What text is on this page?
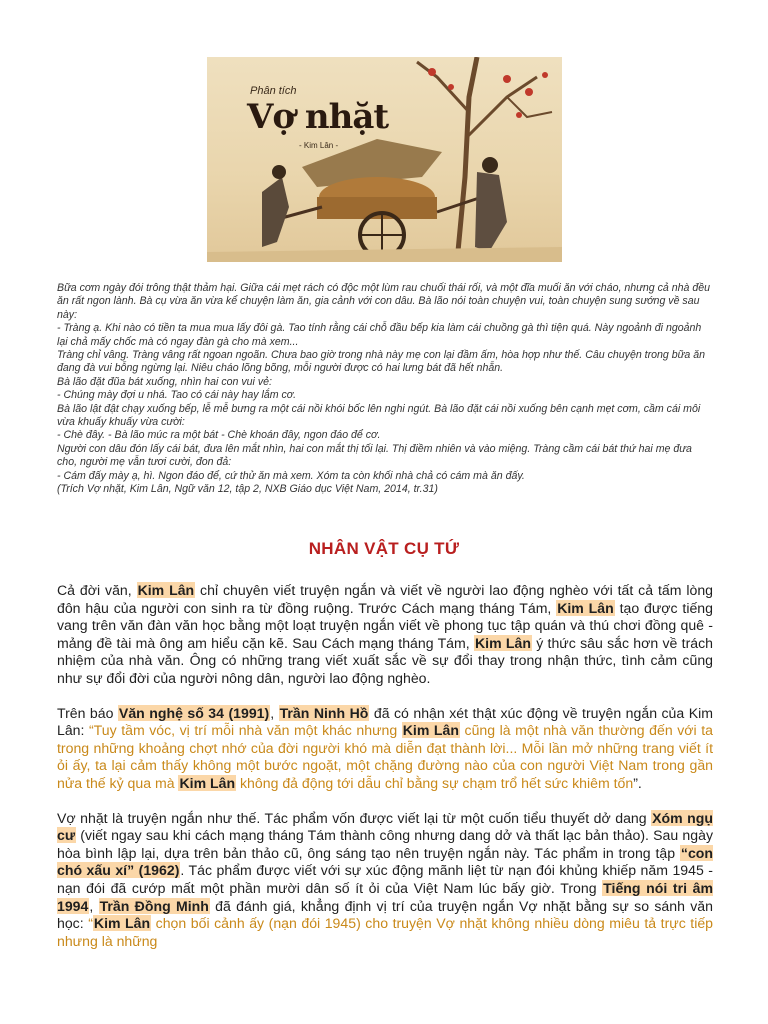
Phân tích
Vợ nhặt
- Kim Lân -

Bữa cơm ngày đói trông thật thảm hại. Giữa cái mẹt rách có độc một lùm rau chuối thái rối, và một đĩa muối ăn với cháo, nhưng cả nhà đều ăn rất ngon lành. Bà cụ vừa ăn vừa kể chuyện làm ăn, gia cảnh với con dâu. Bà lão nói toàn chuyện vui, toàn chuyện sung sướng về sau này:

- Tràng ạ. Khi nào có tiền ta mua mua lấy đôi gà. Tao tính rằng cái chỗ đầu bếp kia làm cái chuồng gà thì tiện quá. Này ngoảnh đi ngoảnh lại chả mấy chốc mà có ngay đàn gà cho mà xem...

Tràng chỉ vâng. Tràng vâng rất ngoan ngoãn. Chưa bao giờ trong nhà này mẹ con lại đầm ấm, hòa hợp như thế. Câu chuyện trong bữa ăn đang đà vui bỗng ngừng lại. Niêu cháo lõng bõng, mỗi người được có hai lưng bát đã hết nhẵn.

Bà lão đặt đũa bát xuống, nhìn hai con vui vẻ:

- Chúng mày đợi u nhá. Tao có cái này hay lắm cơ.

Bà lão lật đật chạy xuống bếp, lễ mễ bưng ra một cái nồi khói bốc lên nghi ngút. Bà lão đặt cái nồi xuống bên cạnh mẹt cơm, cầm cái môi vừa khuấy khuấy vừa cười:

- Chè đây. - Bà lão múc ra một bát - Chè khoán đây, ngon đáo để cơ.

Người con dâu đón lấy cái bát, đưa lên mắt nhìn, hai con mắt thị tối lại. Thị điềm nhiên và vào miệng. Tràng cầm cái bát thứ hai mẹ đưa cho, người mẹ vẫn tươi cười, đon đả:

- Cám đấy mày ạ, hì. Ngon đáo để, cứ thử ăn mà xem. Xóm ta còn khối nhà chả có cám mà ăn đấy.

(Trích Vợ nhặt, Kim Lân, Ngữ văn 12, tập 2, NXB Giáo dục Việt Nam, 2014, tr.31)

NHÂN VẬT CỤ TỨ

Cả đời văn, Kim Lân chỉ chuyên viết truyện ngắn và viết về người lao động nghèo với tất cả tấm lòng đôn hậu của người con sinh ra từ đồng ruộng. Trước Cách mạng tháng Tám, Kim Lân tạo được tiếng vang trên văn đàn văn học bằng một loạt truyện ngắn viết về phong tục tập quán và thú chơi đồng quê - mảng đề tài mà ông am hiểu cặn kẽ. Sau Cách mạng tháng Tám, Kim Lân ý thức sâu sắc hơn về trách nhiệm của nhà văn. Ông có những trang viết xuất sắc về sự đổi thay trong nhận thức, tình cảm cũng như sự đổi đời của người nông dân, người lao động nghèo.

Trên báo Văn nghệ số 34 (1991), Trần Ninh Hồ đã có nhận xét thật xúc động về truyện ngắn của Kim Lân: “Tuy tầm vóc, vị trí mỗi nhà văn một khác nhưng Kim Lân cũng là một nhà văn thường đến với ta trong những khoảng chợt nhớ của đời người khó mà diễn đạt thành lời... Mỗi lần mở những trang viết ít ỏi ấy, ta lại cảm thấy không một bước ngoặt, một chặng đường nào của con người Việt Nam trong gần nửa thế kỷ qua mà Kim Lân không đả động tới dẫu chỉ bằng sự chạm trổ hết sức khiêm tốn”.

Vợ nhặt là truyện ngắn như thế. Tác phẩm vốn được viết lại từ một cuốn tiểu thuyết dở dang Xóm ngụ cư (viết ngay sau khi cách mạng tháng Tám thành công nhưng dang dở và thất lạc bản thảo). Sau ngày hòa bình lập lại, dựa trên bản thảo cũ, ông sáng tạo nên truyện ngắn này. Tác phẩm in trong tập “con chó xấu xí” (1962). Tác phẩm được viết với sự xúc động mãnh liệt từ nạn đói khủng khiếp năm 1945 - nạn đói đã cướp mất một phần mười dân số ít ỏi của Việt Nam lúc bấy giờ. Trong Tiếng nói tri âm 1994, Trần Đồng Minh đã đánh giá, khẳng định vị trí của truyện ngắn Vợ nhặt bằng sự so sánh văn học: “Kim Lân chọn bối cảnh ấy (nạn đói 1945) cho truyện Vợ nhặt không nhiều dòng miêu tả trực tiếp nhưng là những
